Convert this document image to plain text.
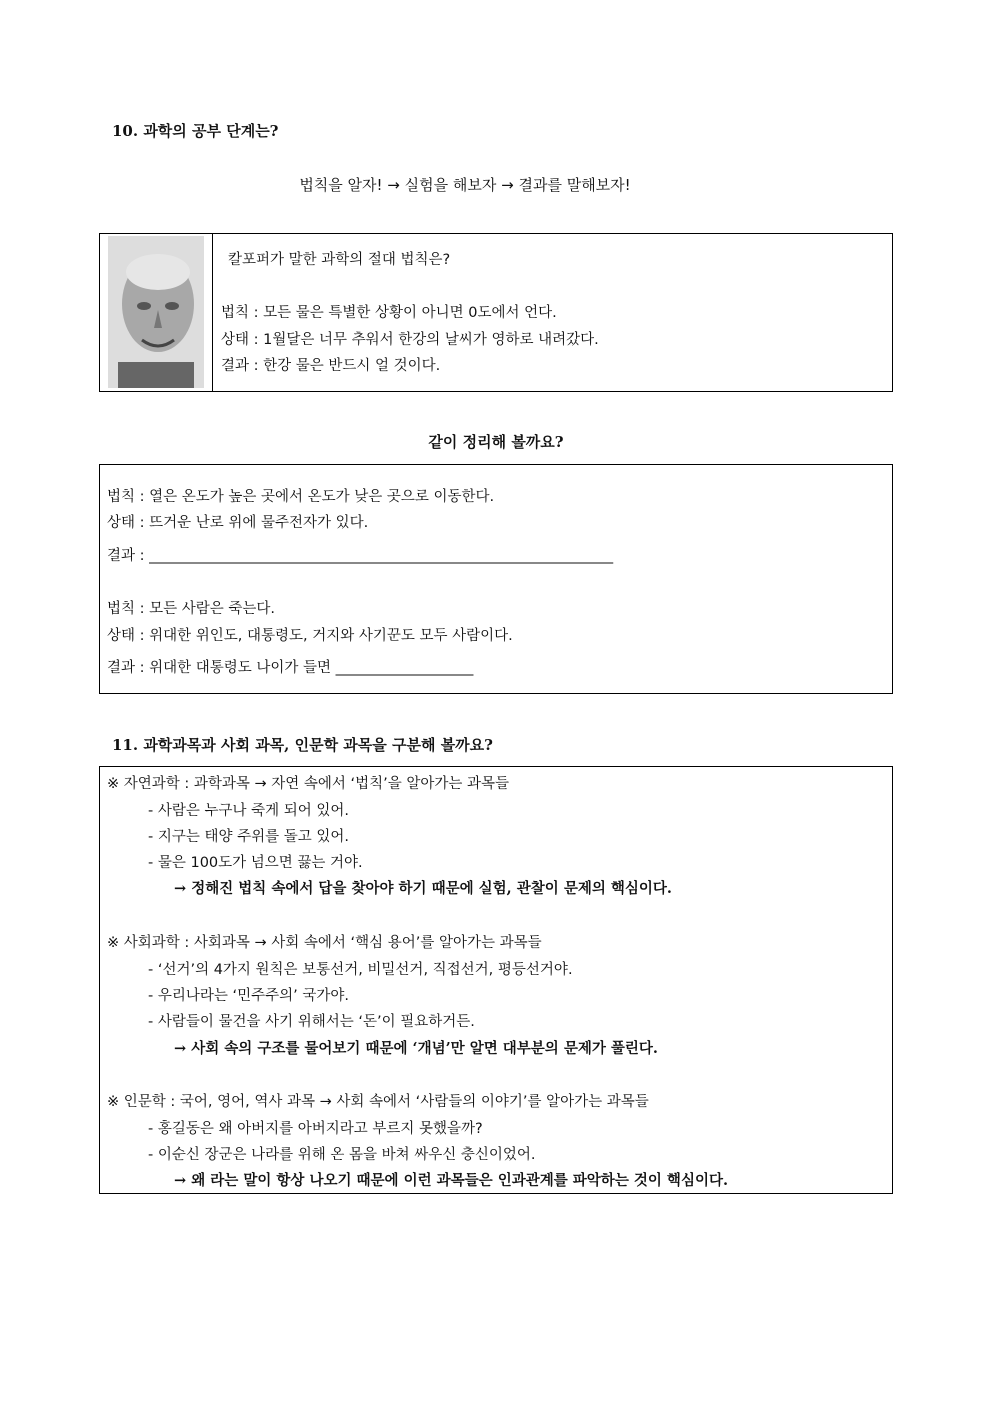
10. 과학의 공부 단계는?
법칙을 알자! → 실험을 해보자 → 결과를 말해보자!
칼포퍼가 말한 과학의 절대 법칙은?
법칙 : 모든 물은 특별한 상황이 아니면 0도에서 언다.
상태 : 1월달은 너무 추워서 한강의 날씨가 영하로 내려갔다.
결과 : 한강 물은 반드시 얼 것이다.
같이 정리해 볼까요?
법칙 : 열은 온도가 높은 곳에서 온도가 낮은 곳으로 이동한다.
상태 : 뜨거운 난로 위에 물주전자가 있다.
결과 : ________________________________________________________________
법칙 : 모든 사람은 죽는다.
상태 : 위대한 위인도, 대통령도, 거지와 사기꾼도 모두 사람이다.
결과 : 위대한 대통령도 나이가 들면 ___________________
11. 과학과목과 사회 과목, 인문학 과목을 구분해 볼까요?
※ 자연과학 : 과학과목 → 자연 속에서 ‘법칙’을 알아가는 과목들
- 사람은 누구나 죽게 되어 있어.
- 지구는 태양 주위를 돌고 있어.
- 물은 100도가 넘으면 끓는 거야.
→ 정해진 법칙 속에서 답을 찾아야 하기 때문에 실험, 관찰이 문제의 핵심이다.
※ 사회과학 : 사회과목 → 사회 속에서 ‘핵심 용어’를 알아가는 과목들
- ‘선거’의 4가지 원칙은 보통선거, 비밀선거, 직접선거, 평등선거야.
- 우리나라는 ‘민주주의’ 국가야.
- 사람들이 물건을 사기 위해서는 ‘돈’이 필요하거든.
→ 사회 속의 구조를 물어보기 때문에 ‘개념’만 알면 대부분의 문제가 풀린다.
※ 인문학 : 국어, 영어, 역사 과목 → 사회 속에서 ‘사람들의 이야기’를 알아가는 과목들
- 홍길동은 왜 아버지를 아버지라고 부르지 못했을까?
- 이순신 장군은 나라를 위해 온 몸을 바쳐 싸우신 충신이었어.
→ 왜 라는 말이 항상 나오기 때문에 이런 과목들은 인과관계를 파악하는 것이 핵심이다.
